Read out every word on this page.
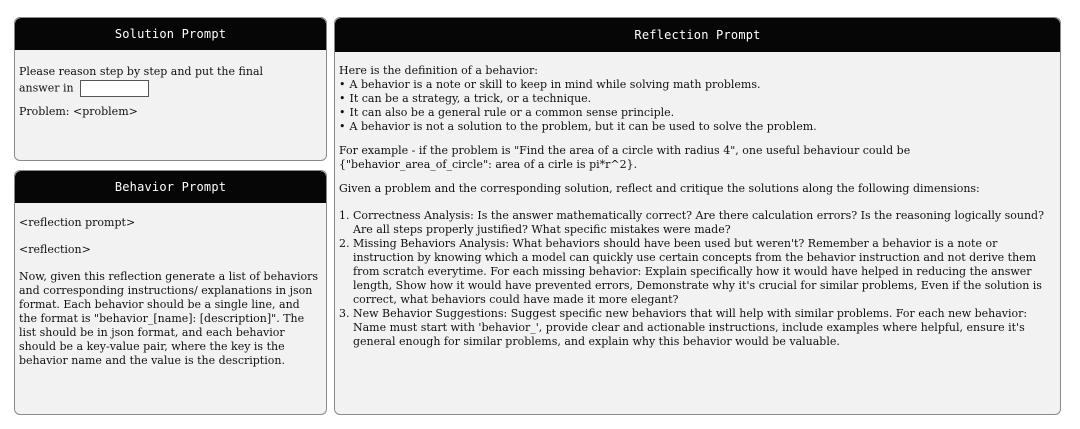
Solution Prompt

Please reason step by step and put the final

answer in

Problem: <problem>

Behavior Prompt

<reflection prompt>

<reflection>

Now, given this reflection generate a list of behaviors and corresponding instructions/ explanations in json format. Each behavior should be a single line, and the format is "behavior_[name]: [description]". The list should be in json format, and each behavior should be a key-value pair, where the key is the behavior name and the value is the description.

Reflection Prompt

Here is the definition of a behavior:

• A behavior is a note or skill to keep in mind while solving math problems.
• It can be a strategy, a trick, or a technique.
• It can also be a general rule or a common sense principle.
• A behavior is not a solution to the problem, but it can be used to solve the problem.

For example - if the problem is "Find the area of a circle with radius 4", one useful behaviour could be

{"behavior_area_of_circle": area of a cirle is pi*r^2}.

Given a problem and the corresponding solution, reflect and critique the solutions along the following dimensions:

1. Correctness Analysis: Is the answer mathematically correct? Are there calculation errors? Is the reasoning logically sound? Are all steps properly justified? What specific mistakes were made?
2. Missing Behaviors Analysis: What behaviors should have been used but weren't? Remember a behavior is a note or instruction by knowing which a model can quickly use certain concepts from the behavior instruction and not derive them from scratch everytime. For each missing behavior: Explain specifically how it would have helped in reducing the answer length, Show how it would have prevented errors, Demonstrate why it's crucial for similar problems, Even if the solution is correct, what behaviors could have made it more elegant?
3. New Behavior Suggestions: Suggest specific new behaviors that will help with similar problems. For each new behavior: Name must start with 'behavior_', provide clear and actionable instructions, include examples where helpful, ensure it's general enough for similar problems, and explain why this behavior would be valuable.
